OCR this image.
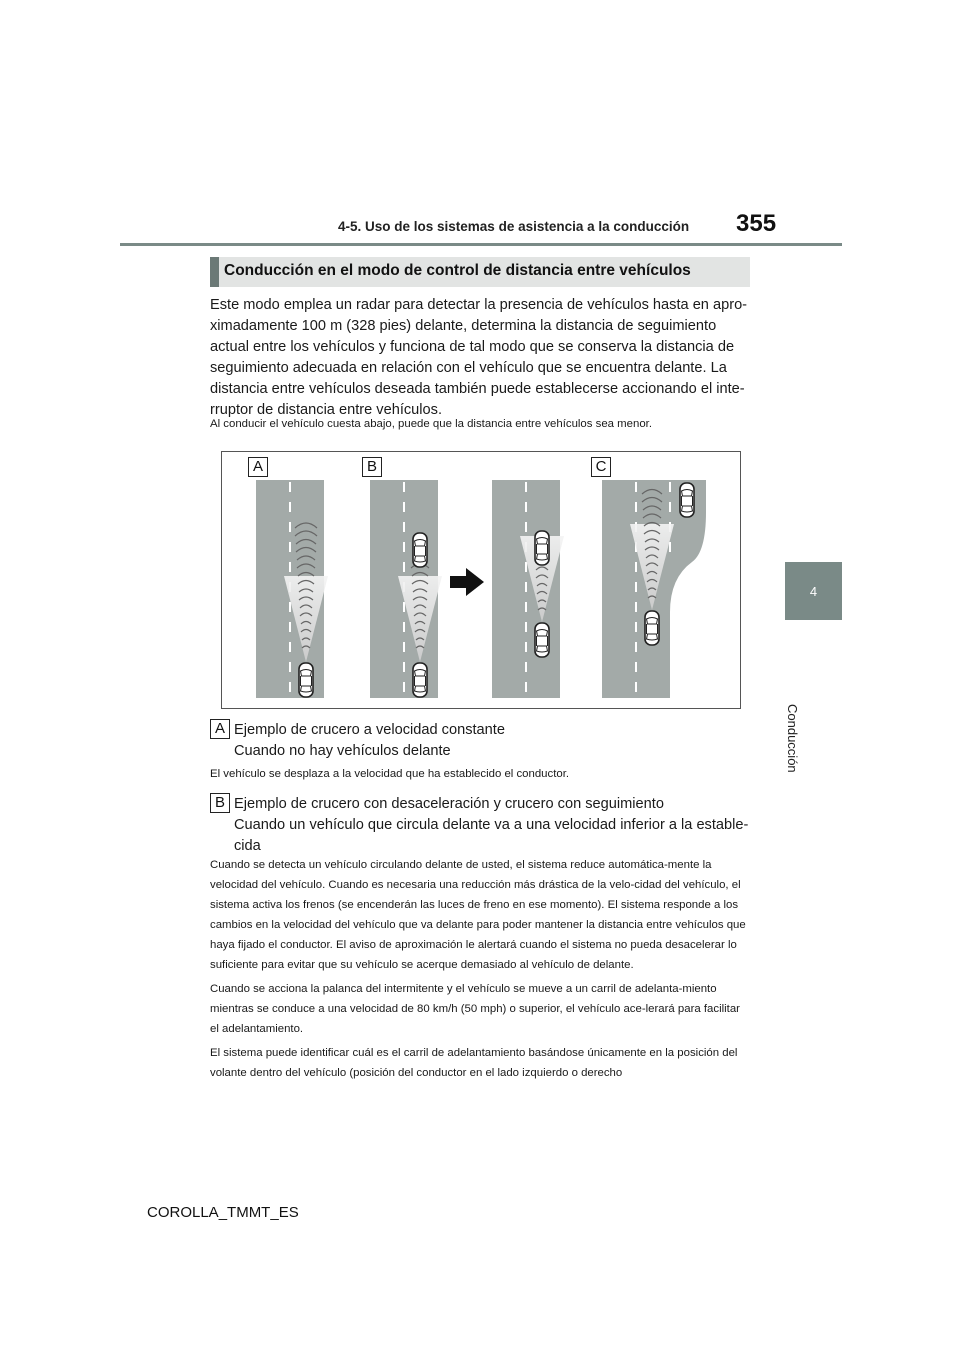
4-5. Uso de los sistemas de asistencia a la conducción 355
4
Conducción
Conducción en el modo de control de distancia entre vehículos
Este modo emplea un radar para detectar la presencia de vehículos hasta en apro-ximadamente 100 m (328 pies) delante, determina la distancia de seguimiento actual entre los vehículos y funciona de tal modo que se conserva la distancia de seguimiento adecuada en relación con el vehículo que se encuentra delante. La distancia entre vehículos deseada también puede establecerse accionando el inte-rruptor de distancia entre vehículos.
Al conducir el vehículo cuesta abajo, puede que la distancia entre vehículos sea menor.
A	B	C
A Ejemplo de crucero a velocidad constante
Cuando no hay vehículos delante
El vehículo se desplaza a la velocidad que ha establecido el conductor.
B Ejemplo de crucero con desaceleración y crucero con seguimiento
Cuando un vehículo que circula delante va a una velocidad inferior a la estable-cida

Cuando se detecta un vehículo circulando delante de usted, el sistema reduce automática-mente la velocidad del vehículo. Cuando es necesaria una reducción más drástica de la velo-cidad del vehículo, el sistema activa los frenos (se encenderán las luces de freno en ese momento). El sistema responde a los cambios en la velocidad del vehículo que va delante para poder mantener la distancia entre vehículos que haya fijado el conductor. El aviso de aproximación le alertará cuando el sistema no pueda desacelerar lo suficiente para evitar que su vehículo se acerque demasiado al vehículo de delante.

Cuando se acciona la palanca del intermitente y el vehículo se mueve a un carril de adelanta-miento mientras se conduce a una velocidad de 80 km/h (50 mph) o superior, el vehículo ace-lerará para facilitar el adelantamiento.

El sistema puede identificar cuál es el carril de adelantamiento basándose únicamente en la posición del volante dentro del vehículo (posición del conductor en el lado izquierdo o derecho

COROLLA_TMMT_ES
